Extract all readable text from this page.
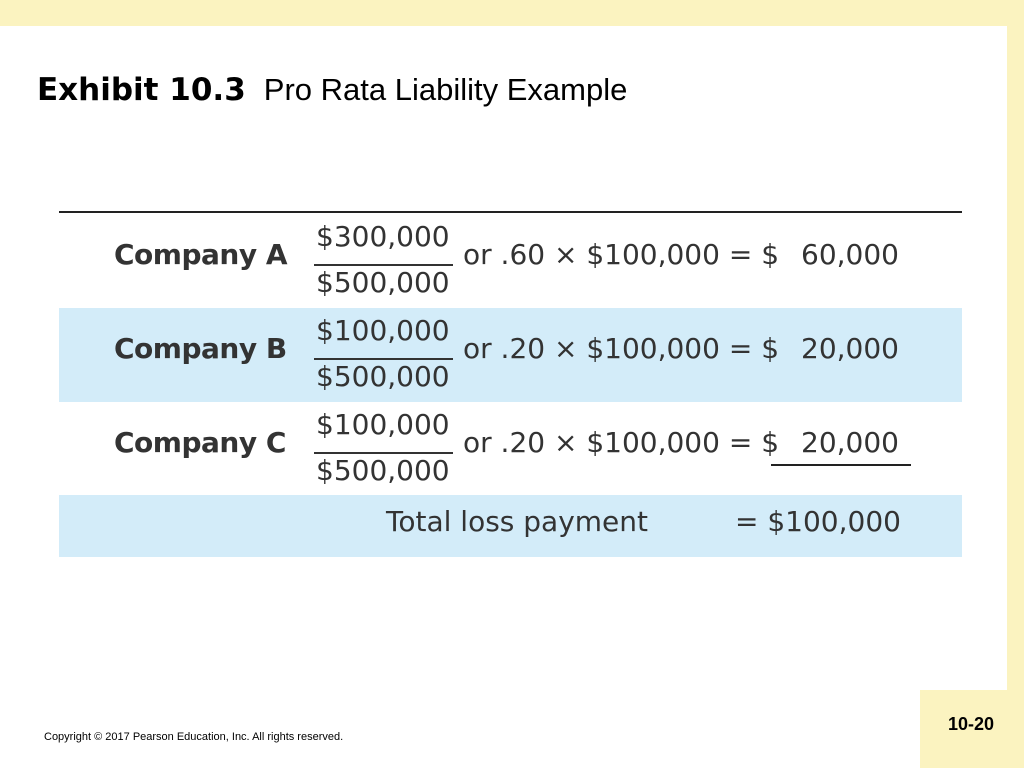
10-20
Exhibit 10.3 Pro Rata Liability Example
Company A
$300,000
$500,000
or .60 × $100,000 = $ 60,000
Company B
$100,000
$500,000
or .20 × $100,000 = $ 20,000
Company C
$100,000
$500,000
or .20 × $100,000 = $ 20,000
Total loss payment	= $100,000
Copyright © 2017 Pearson Education, Inc. All rights reserved.
